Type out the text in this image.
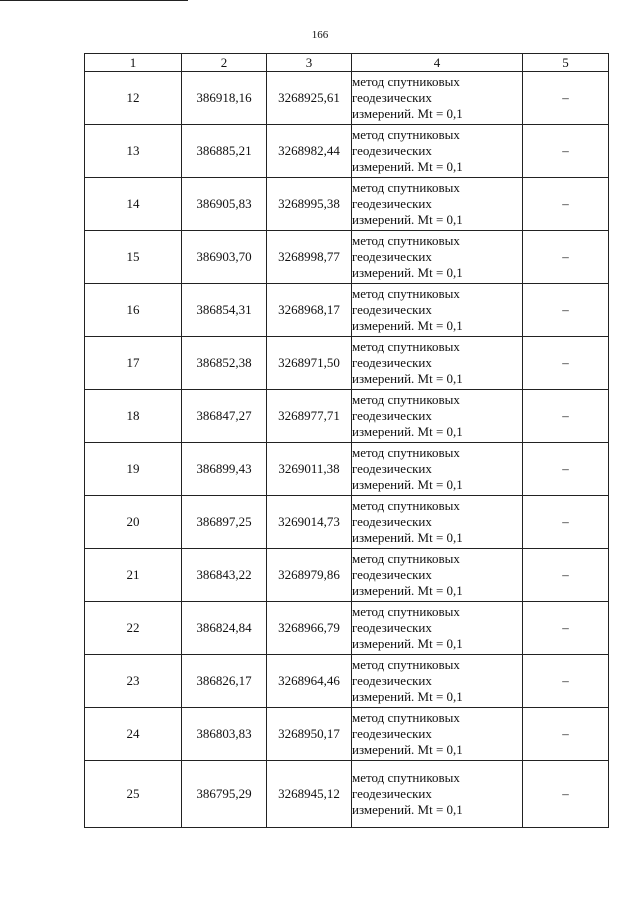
166
1	2	3	4	5
12	386918,16	3268925,61	метод спутниковых
геодезических
измерений. Mt = 0,1	–
13	386885,21	3268982,44	метод спутниковых
геодезических
измерений. Mt = 0,1	–
14	386905,83	3268995,38	метод спутниковых
геодезических
измерений. Mt = 0,1	–
15	386903,70	3268998,77	метод спутниковых
геодезических
измерений. Mt = 0,1	–
16	386854,31	3268968,17	метод спутниковых
геодезических
измерений. Mt = 0,1	–
17	386852,38	3268971,50	метод спутниковых
геодезических
измерений. Mt = 0,1	–
18	386847,27	3268977,71	метод спутниковых
геодезических
измерений. Mt = 0,1	–
19	386899,43	3269011,38	метод спутниковых
геодезических
измерений. Mt = 0,1	–
20	386897,25	3269014,73	метод спутниковых
геодезических
измерений. Mt = 0,1	–
21	386843,22	3268979,86	метод спутниковых
геодезических
измерений. Mt = 0,1	–
22	386824,84	3268966,79	метод спутниковых
геодезических
измерений. Mt = 0,1	–
23	386826,17	3268964,46	метод спутниковых
геодезических
измерений. Mt = 0,1	–
24	386803,83	3268950,17	метод спутниковых
геодезических
измерений. Mt = 0,1	–
25	386795,29	3268945,12	метод спутниковых
геодезических
измерений. Mt = 0,1	–
